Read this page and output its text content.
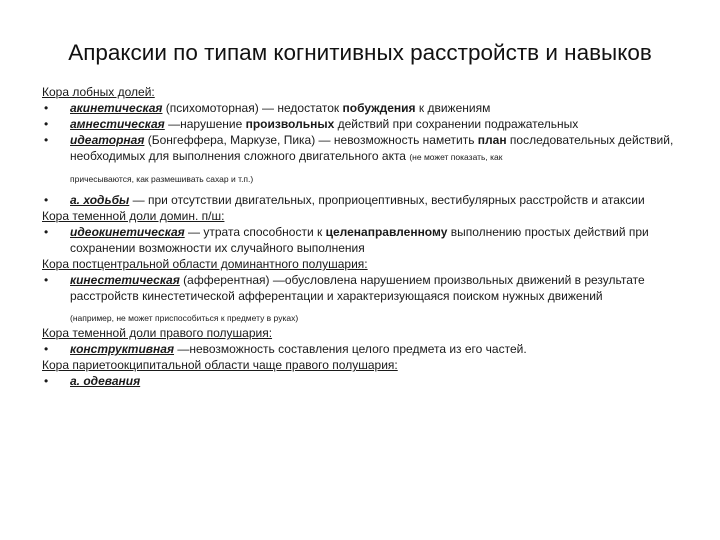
Апраксии по типам когнитивных расстройств и навыков

Кора лобных долей:

• акинетическая (психомоторная) — недостаток побуждения к движениям
• амнестическая —нарушение произвольных действий при сохранении подражательных
• идеаторная (Бонгеффера, Маркузе, Пика) — невозможность наметить план последовательных действий, необходимых для выполнения сложного двигательного акта (не может показать, как
причесываются, как размешивать сахар и т.п.)
• а. ходьбы — при отсутствии двигательных, проприоцептивных, вестибулярных расстройств и атаксии

Кора теменной доли домин. п/ш:

• идеокинетическая — утрата способности к целенаправленному выполнению простых действий при сохранении возможности их случайного выполнения

Кора постцентральной области доминантного полушария:

• кинестетическая (афферентная) —обусловлена нарушением произвольных движений в результате расстройств кинестетической афферентации и характеризующаяся поиском нужных движений
(например, не может приспособиться к предмету в руках)

Кора теменной доли правого полушария:

• конструктивная —невозможность составления целого предмета из его частей.

Кора париетоокципитальной области чаще правого полушария:

• а. одевания
